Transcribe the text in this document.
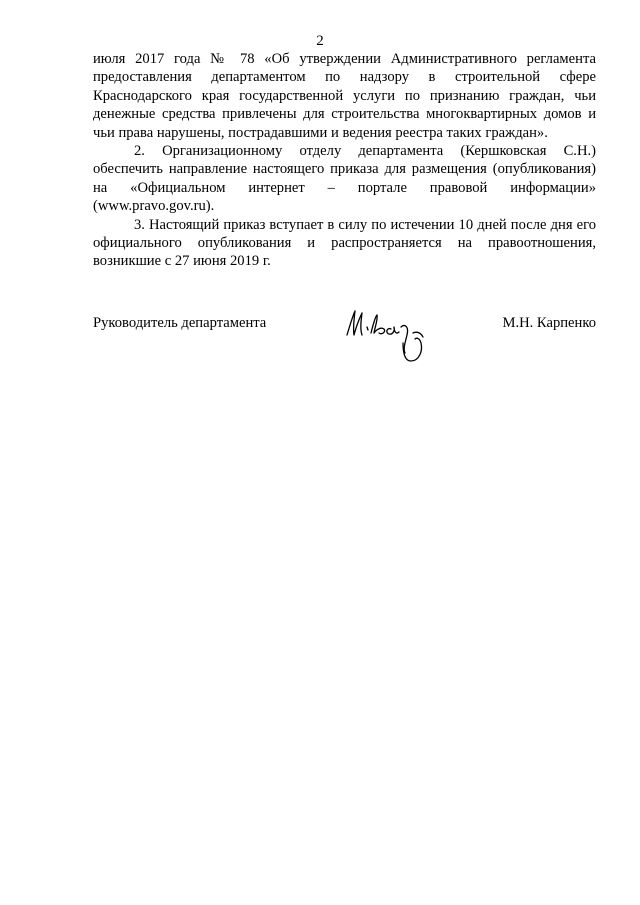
2

июля 2017 года № 78 «Об утверждении Административного регламента предоставления департаментом по надзору в строительной сфере Краснодарского края государственной услуги по признанию граждан, чьи денежные средства привлечены для строительства многоквартирных домов и чьи права нарушены, пострадавшими и ведения реестра таких граждан».

2. Организационному отделу департамента (Кершковская С.Н.) обеспечить направление настоящего приказа для размещения (опубликования) на «Официальном интернет – портале правовой информации» (www.pravo.gov.ru).

3. Настоящий приказ вступает в силу по истечении 10 дней после дня его официального опубликования и распространяется на правоотношения, возникшие с 27 июня 2019 г.

Руководитель департамента	М.Н. Карпенко
